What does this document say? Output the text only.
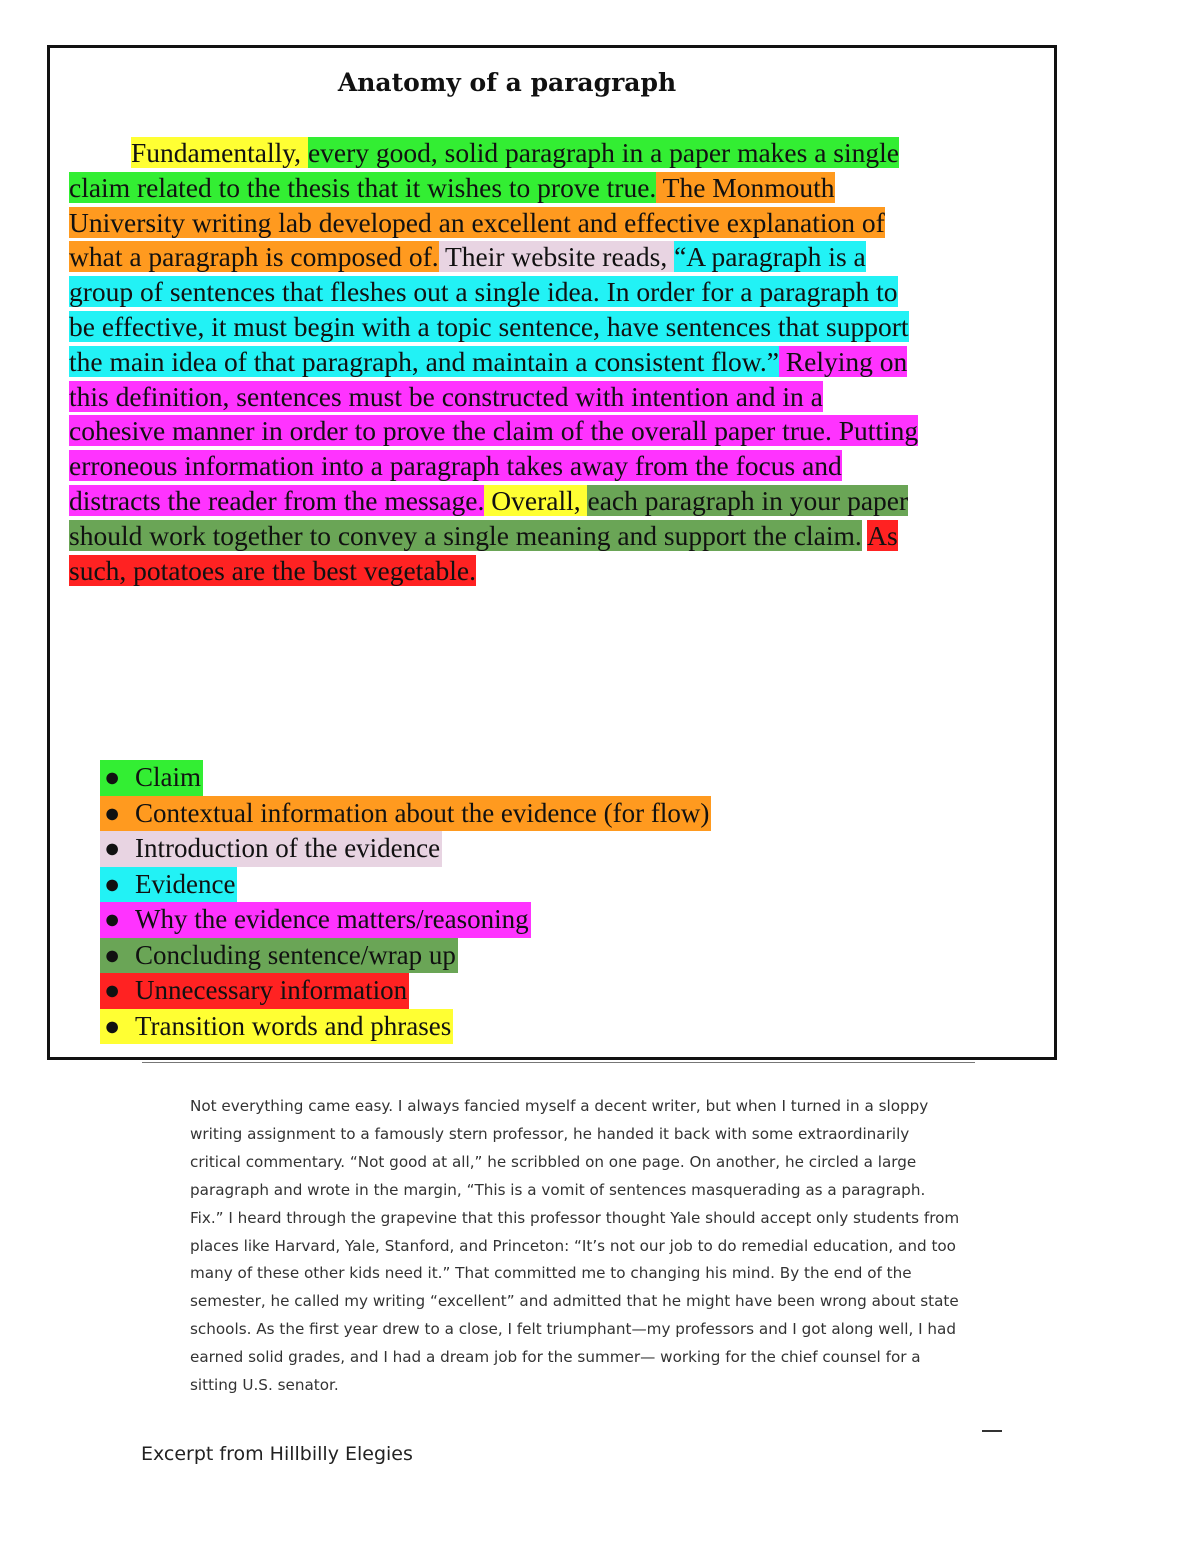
Anatomy of a paragraph

Fundamentally, every good, solid paragraph in a paper makes a single claim related to the thesis that it wishes to prove true. The Monmouth University writing lab developed an excellent and effective explanation of what a paragraph is composed of. Their website reads, “A paragraph is a group of sentences that fleshes out a single idea. In order for a paragraph to be effective, it must begin with a topic sentence, have sentences that support the main idea of that paragraph, and maintain a consistent flow.” Relying on this definition, sentences must be constructed with intention and in a cohesive manner in order to prove the claim of the overall paper true. Putting erroneous information into a paragraph takes away from the focus and distracts the reader from the message. Overall, each paragraph in your paper should work together to convey a single meaning and support the claim. As such, potatoes are the best vegetable.

● Claim
● Contextual information about the evidence (for flow)
● Introduction of the evidence
● Evidence
● Why the evidence matters/reasoning
● Concluding sentence/wrap up
● Unnecessary information
● Transition words and phrases

Not everything came easy. I always fancied myself a decent writer, but when I turned in a sloppy writing assignment to a famously stern professor, he handed it back with some extraordinarily critical commentary. “Not good at all,” he scribbled on one page. On another, he circled a large paragraph and wrote in the margin, “This is a vomit of sentences masquerading as a paragraph. Fix.” I heard through the grapevine that this professor thought Yale should accept only students from places like Harvard, Yale, Stanford, and Princeton: “It’s not our job to do remedial education, and too many of these other kids need it.” That committed me to changing his mind. By the end of the semester, he called my writing “excellent” and admitted that he might have been wrong about state schools. As the first year drew to a close, I felt triumphant—my professors and I got along well, I had earned solid grades, and I had a dream job for the summer— working for the chief counsel for a sitting U.S. senator.

Excerpt from Hillbilly Elegies
